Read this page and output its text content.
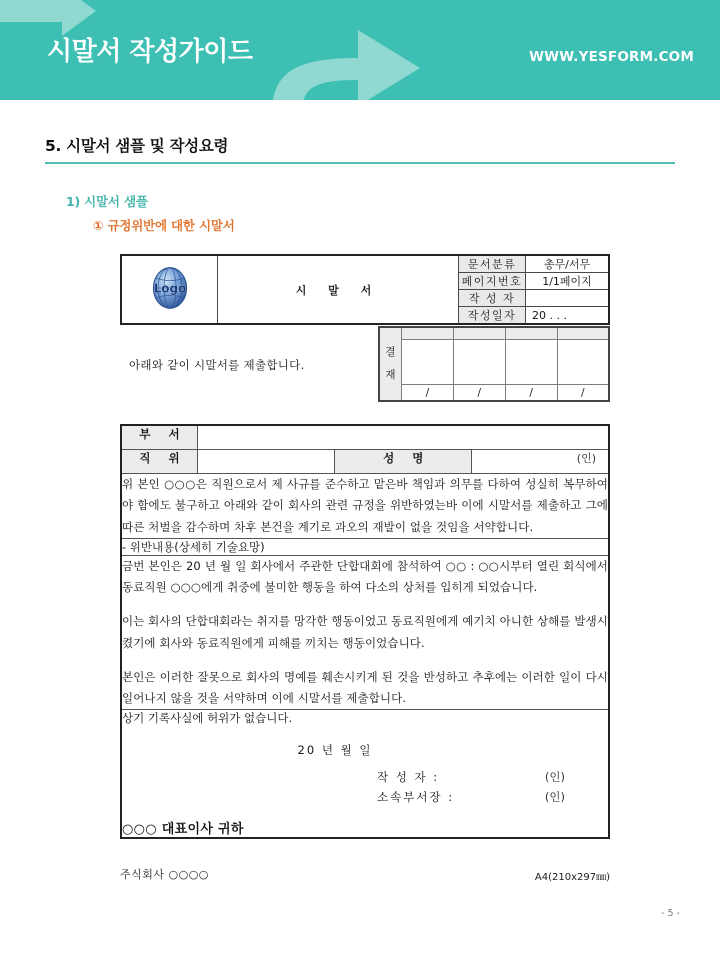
시말서 작성가이드	WWW.YESFORM.COM
5. 시말서 샘플 및 작성요령
1) 시말서 샘플
① 규정위반에 대한 시말서
Logo	시 말 서	문서분류	총무/서무
		페이지번호	1/1페이지
		작 성 자	
		작성일자	20 . . .
결

재				

	/	/	/	/
아래와 같이 시말서를 제출합니다.
부 서			
직 위		성 명	(인)

위 본인 ○○○은 직원으로서 제 사규를 준수하고 맡은바 책임과 의무를 다하여 성실히 복무하여야 함에도 불구하고 아래와 같이 회사의 관련 규정을 위반하였는바 이에 시말서를 제출하고 그에 따른 처벌을 감수하며 차후 본건을 계기로 과오의 재발이 없을 것임을 서약합니다.			

- 위반내용(상세히 기술요망)			

금번 본인은 20 년 월 일 회사에서 주관한 단합대회에 참석하여 ○○ : ○○시부터 열린 회식에서 동료직원 ○○○에게 취중에 불미한 행동을 하여 다소의 상처를 입히게 되었습니다.

이는 회사의 단합대회라는 취지를 망각한 행동이었고 동료직원에게 예기치 아니한 상해를 발생시켰기에 회사와 동료직원에게 피해를 끼치는 행동이었습니다.

본인은 이러한 잘못으로 회사의 명예를 훼손시키게 된 것을 반성하고 추후에는 이러한 일이 다시 일어나지 않을 것을 서약하며 이에 시말서를 제출합니다.			

상기 기록사실에 허위가 없습니다.

20 년 월 일

작 성 자 :	(인)
소속부서장 :	(인)

○○○ 대표이사 귀하

주식회사 ○○○○	A4(210x297㎜)
- 5 -
